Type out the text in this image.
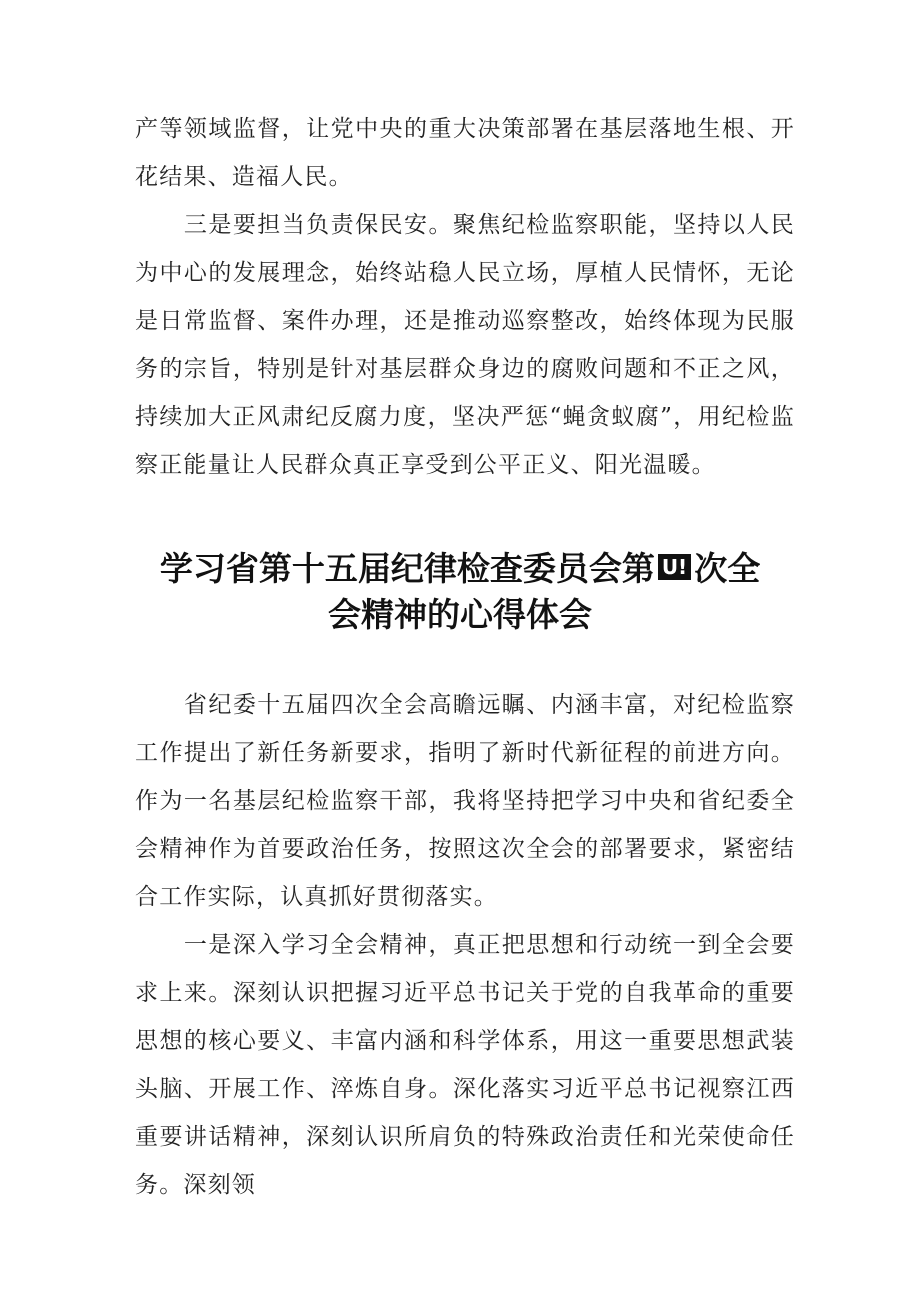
产等领域监督，让党中央的重大决策部署在基层落地生根、开花结果、造福人民。

　　三是要担当负责保民安。聚焦纪检监察职能，坚持以人民为中心的发展理念，始终站稳人民立场，厚植人民情怀，无论是日常监督、案件办理，还是推动巡察整改，始终体现为民服务的宗旨，特别是针对基层群众身边的腐败问题和不正之风，持续加大正风肃纪反腐力度，坚决严惩“蝇贪蚁腐”，用纪检监察正能量让人民群众真正享受到公平正义、阳光温暖。

学习省第十五届纪律检查委员会第 U! 次全
会精神的心得体会

　　省纪委十五届四次全会高瞻远瞩、内涵丰富，对纪检监察工作提出了新任务新要求，指明了新时代新征程的前进方向。作为一名基层纪检监察干部，我将坚持把学习中央和省纪委全会精神作为首要政治任务，按照这次全会的部署要求，紧密结合工作实际，认真抓好贯彻落实。

　　一是深入学习全会精神，真正把思想和行动统一到全会要求上来。深刻认识把握习近平总书记关于党的自我革命的重要思想的核心要义、丰富内涵和科学体系，用这一重要思想武装头脑、开展工作、淬炼自身。深化落实习近平总书记视察江西重要讲话精神，深刻认识所肩负的特殊政治责任和光荣使命任务。深刻领
